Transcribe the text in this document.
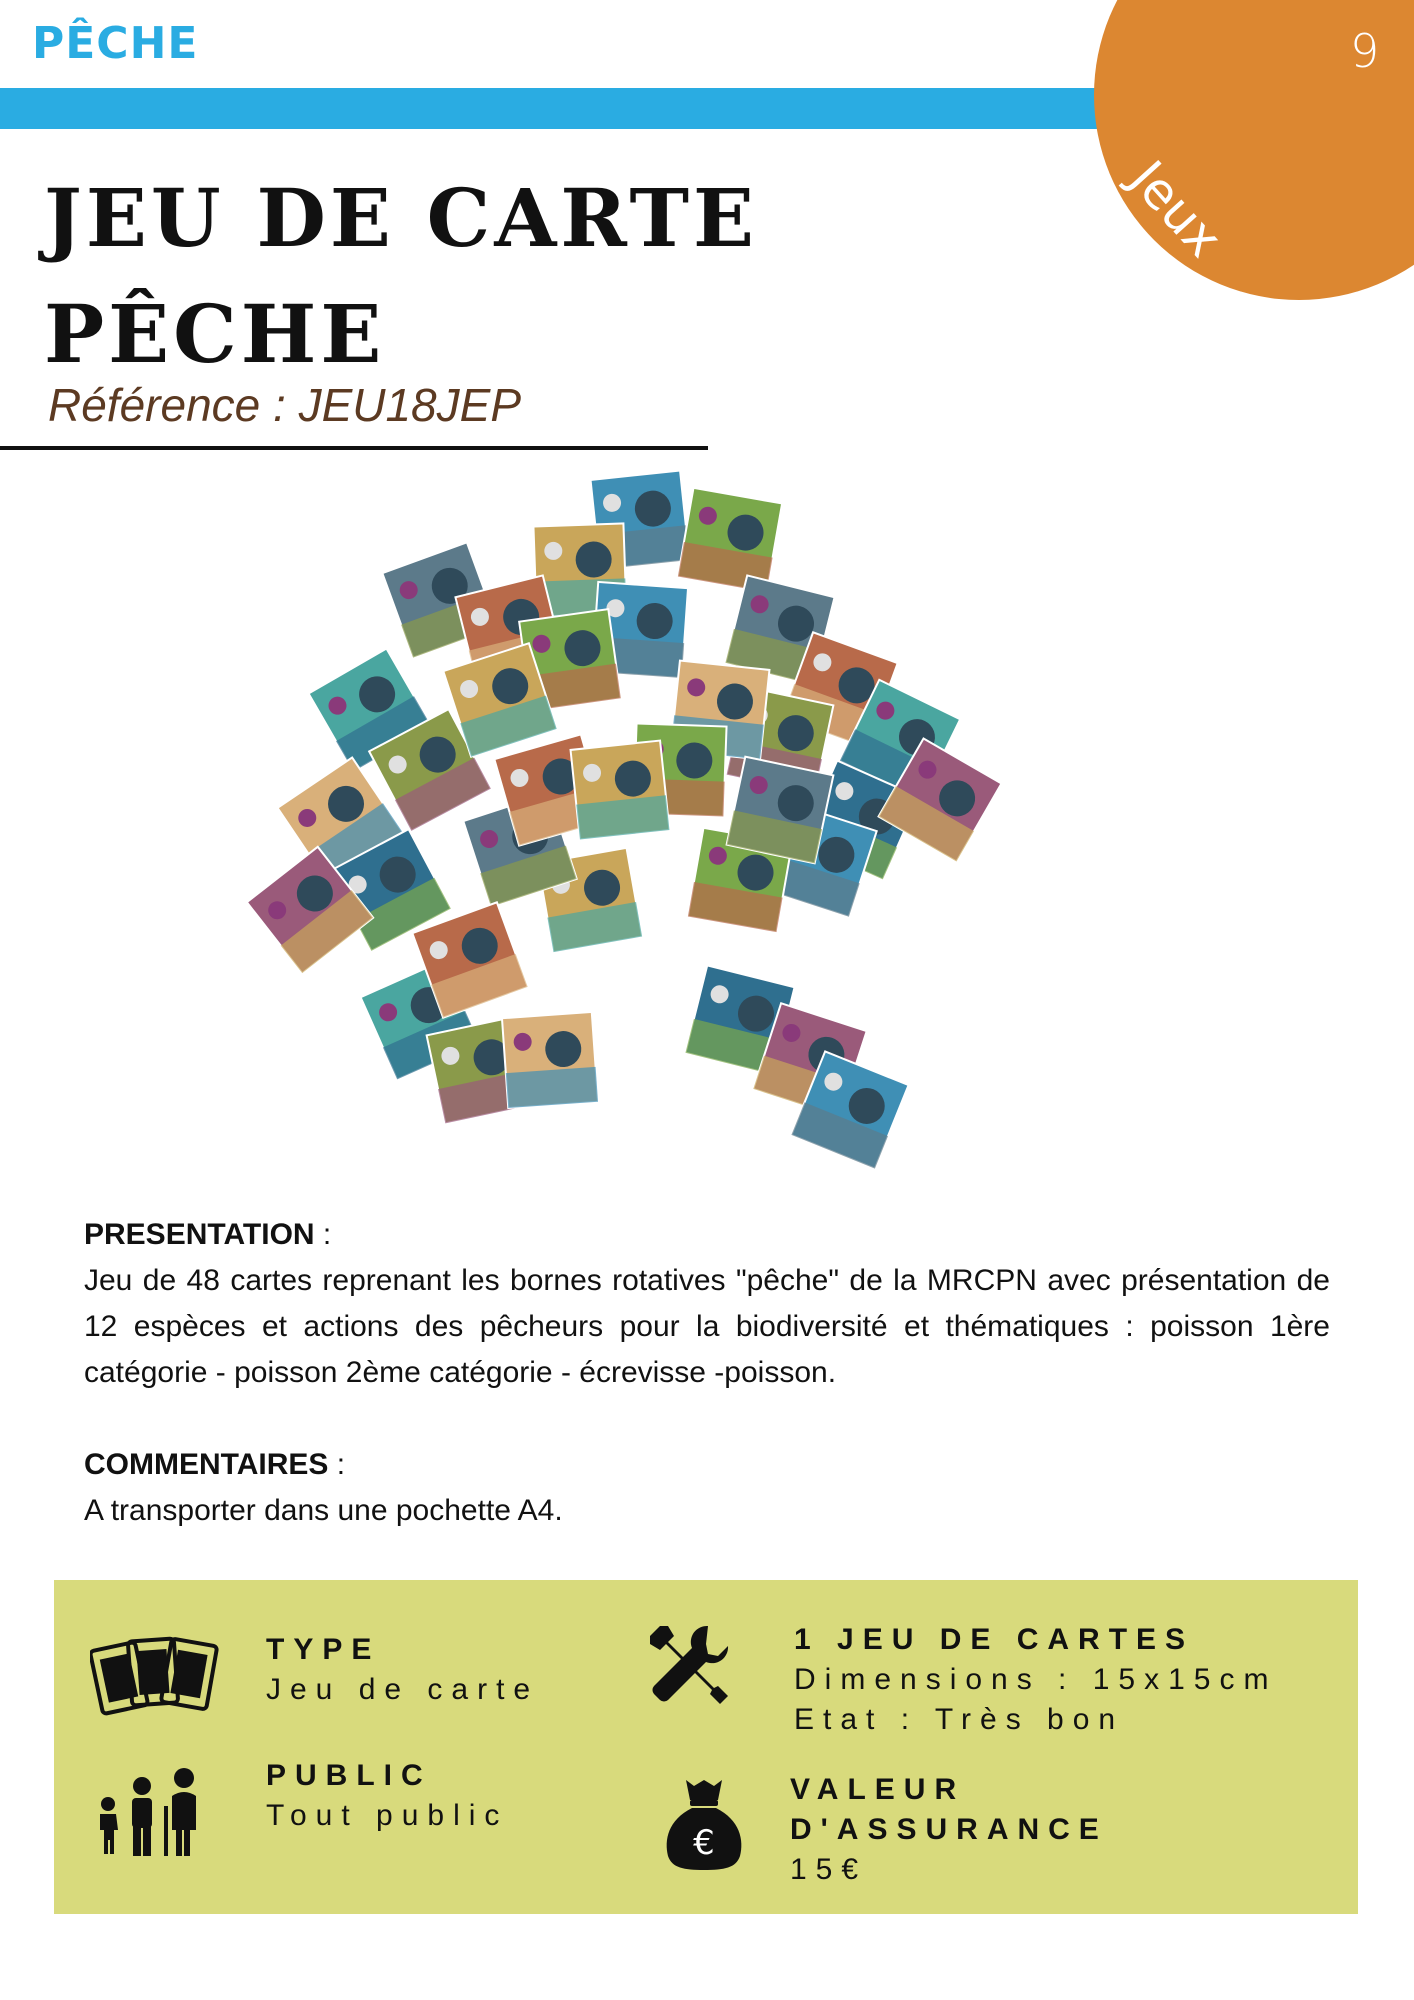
PÊCHE	9
Jeux
JEU DE CARTE
PÊCHE
Référence : JEU18JEP
PRESENTATION :
Jeu de 48 cartes reprenant les bornes rotatives "pêche" de la MRCPN avec présentation de 12 espèces et actions des pêcheurs pour la biodiversité et thématiques : poisson 1ère catégorie - poisson 2ème catégorie - écrevisse -poisson.
COMMENTAIRES :
A transporter dans une pochette A4.
€
TYPE
Jeu de carte
PUBLIC
Tout public
1 JEU DE CARTES
Dimensions : 15x15cm
Etat : Très bon
VALEUR
D'ASSURANCE
15€
